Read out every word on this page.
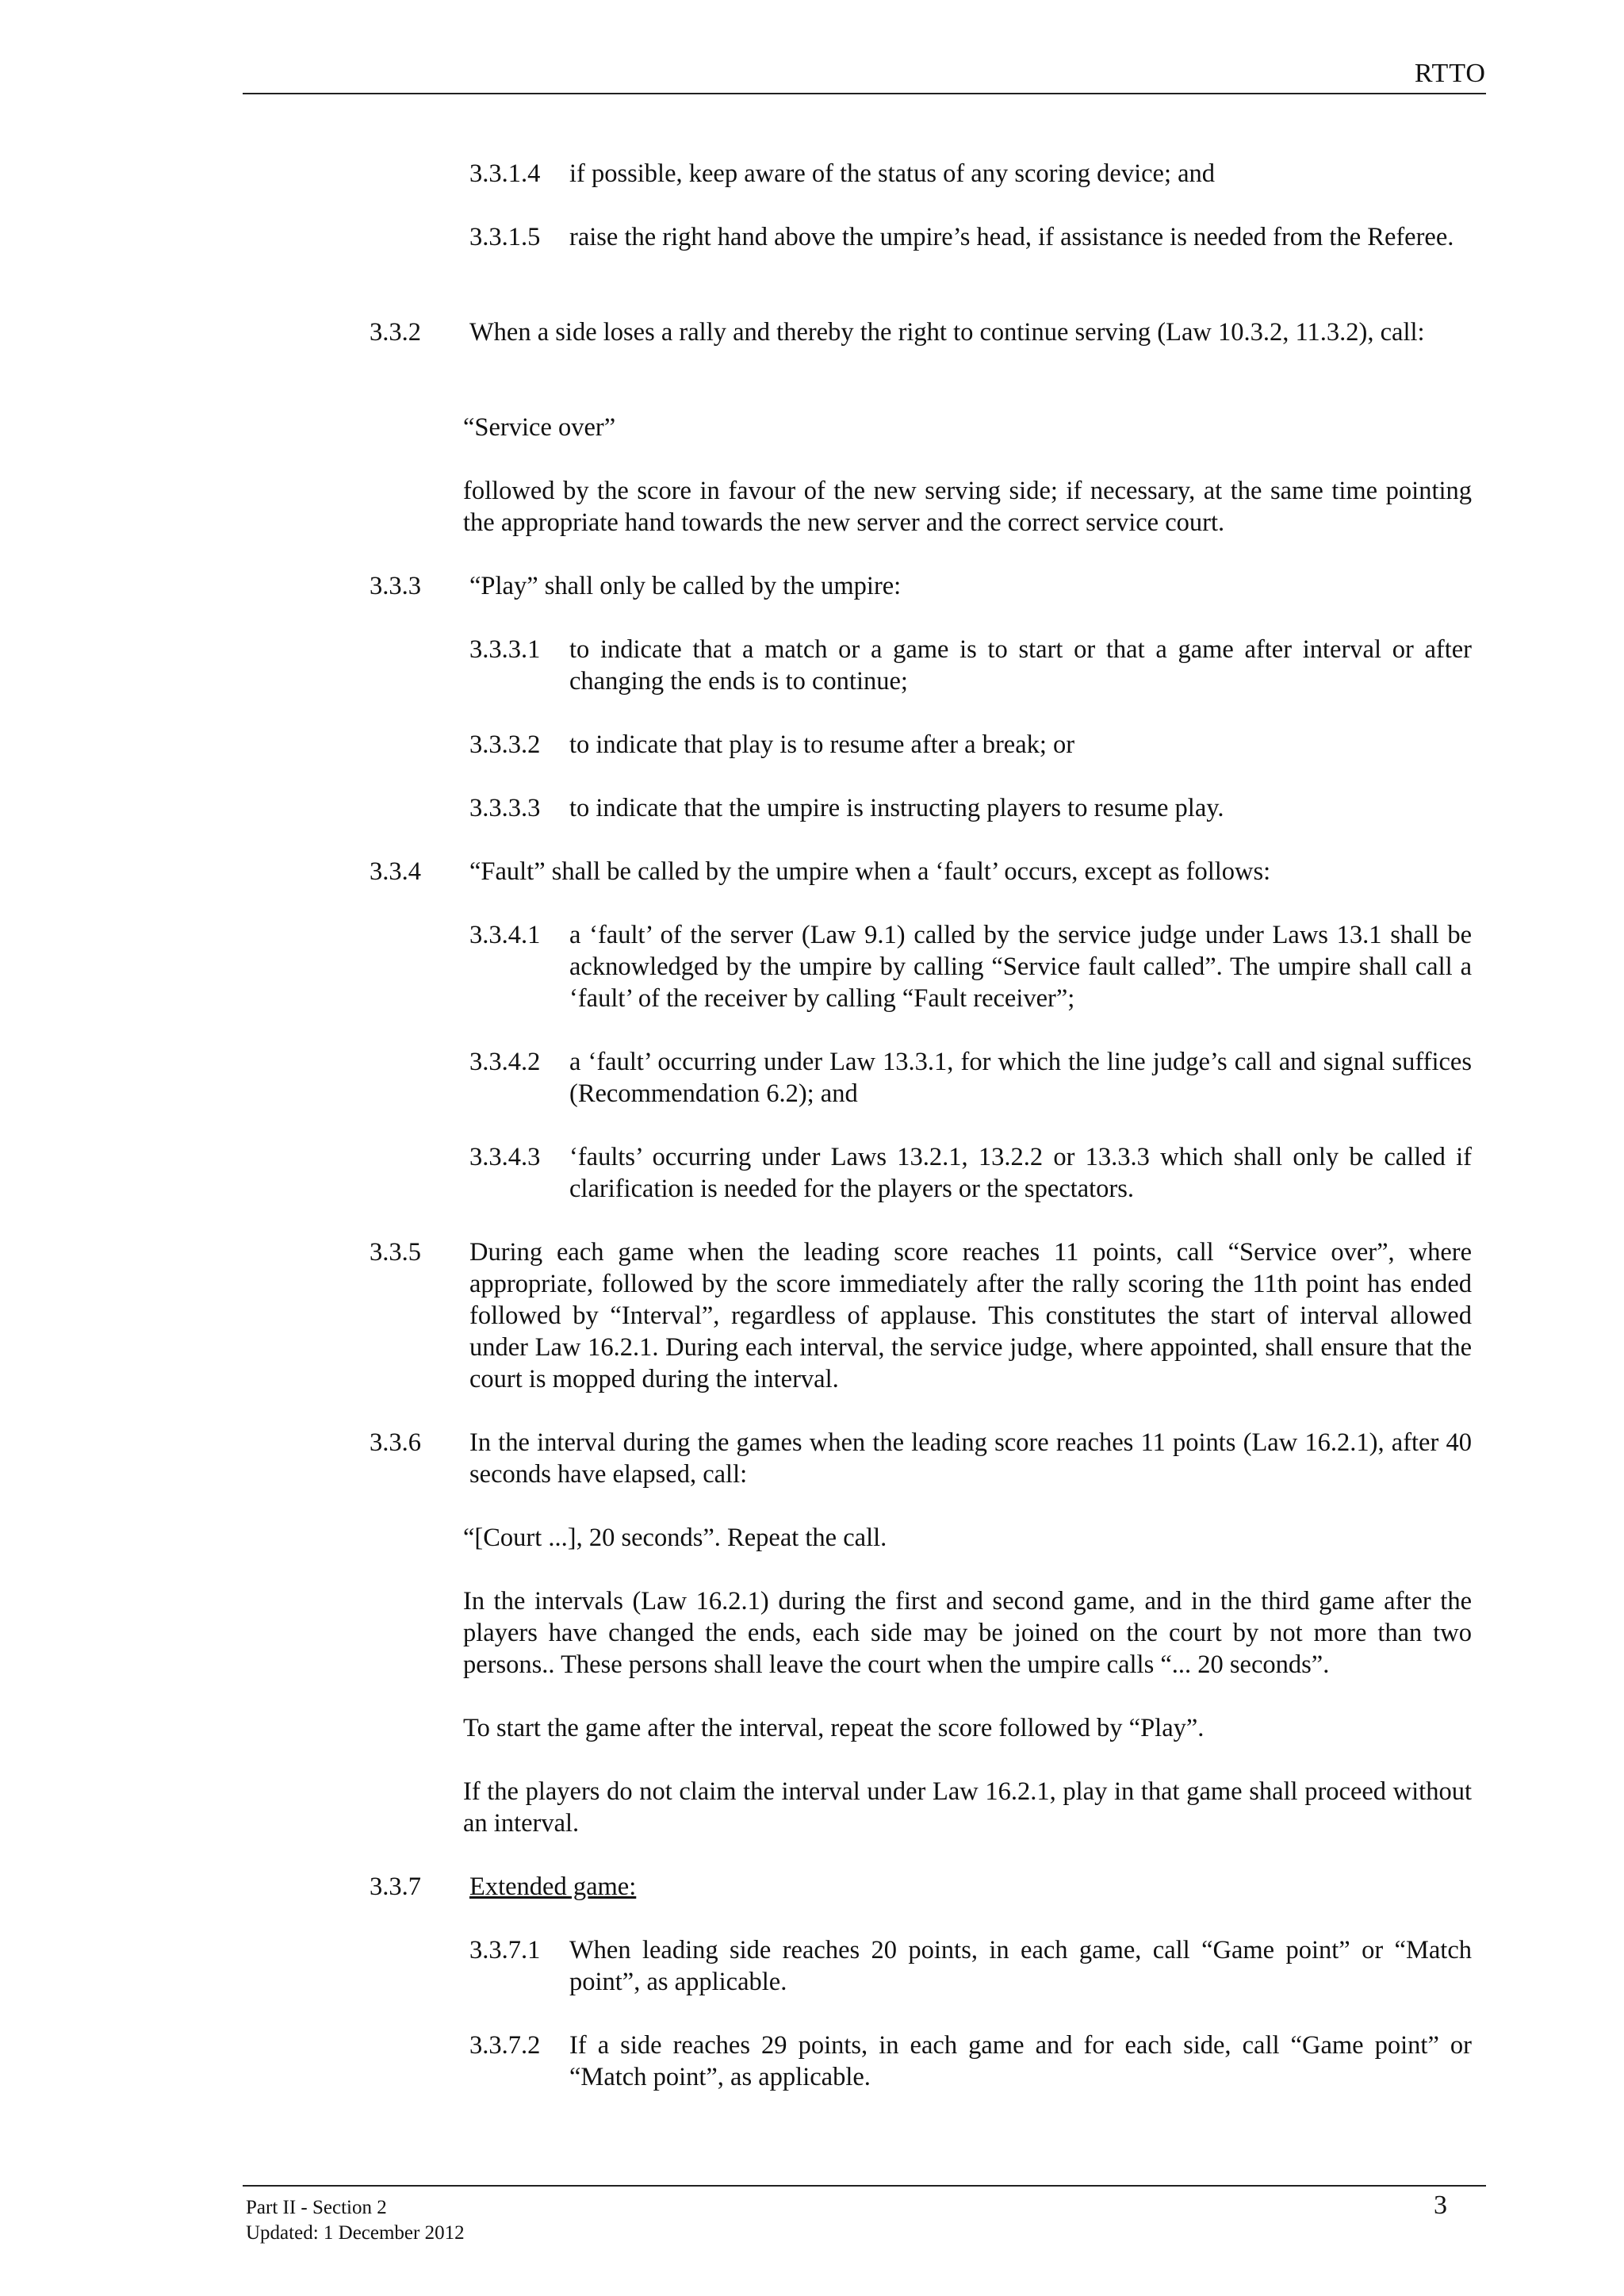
RTTO
3.3.1.4 if possible, keep aware of the status of any scoring device; and
3.3.1.5 raise the right hand above the umpire’s head, if assistance is needed from the Referee.
3.3.2 When a side loses a rally and thereby the right to continue serving (Law 10.3.2, 11.3.2), call:
“Service over”
followed by the score in favour of the new serving side; if necessary, at the same time pointing the appropriate hand towards the new server and the correct service court.
3.3.3 “Play” shall only be called by the umpire:
3.3.3.1 to indicate that a match or a game is to start or that a game after interval or after changing the ends is to continue;
3.3.3.2 to indicate that play is to resume after a break; or
3.3.3.3 to indicate that the umpire is instructing players to resume play.
3.3.4 “Fault” shall be called by the umpire when a ‘fault’ occurs, except as follows:
3.3.4.1 a ‘fault’ of the server (Law 9.1) called by the service judge under Laws 13.1 shall be acknowledged by the umpire by calling “Service fault called”. The umpire shall call a ‘fault’ of the receiver by calling “Fault receiver”;
3.3.4.2 a ‘fault’ occurring under Law 13.3.1, for which the line judge’s call and signal suffices (Recommendation 6.2); and
3.3.4.3 ‘faults’ occurring under Laws 13.2.1, 13.2.2 or 13.3.3 which shall only be called if clarification is needed for the players or the spectators.
3.3.5 During each game when the leading score reaches 11 points, call “Service over”, where appropriate, followed by the score immediately after the rally scoring the 11th point has ended followed by “Interval”, regardless of applause. This constitutes the start of interval allowed under Law 16.2.1. During each interval, the service judge, where appointed, shall ensure that the court is mopped during the interval.
3.3.6 In the interval during the games when the leading score reaches 11 points (Law 16.2.1), after 40 seconds have elapsed, call:
“[Court ...], 20 seconds”. Repeat the call.
In the intervals (Law 16.2.1) during the first and second game, and in the third game after the players have changed the ends, each side may be joined on the court by not more than two persons.. These persons shall leave the court when the umpire calls “... 20 seconds”.
To start the game after the interval, repeat the score followed by “Play”.
If the players do not claim the interval under Law 16.2.1, play in that game shall proceed without an interval.
3.3.7 Extended game:
3.3.7.1 When leading side reaches 20 points, in each game, call “Game point” or “Match point”, as applicable.
3.3.7.2 If a side reaches 29 points, in each game and for each side, call “Game point” or “Match point”, as applicable.
Part II - Section 2
Updated: 1 December 2012
3
